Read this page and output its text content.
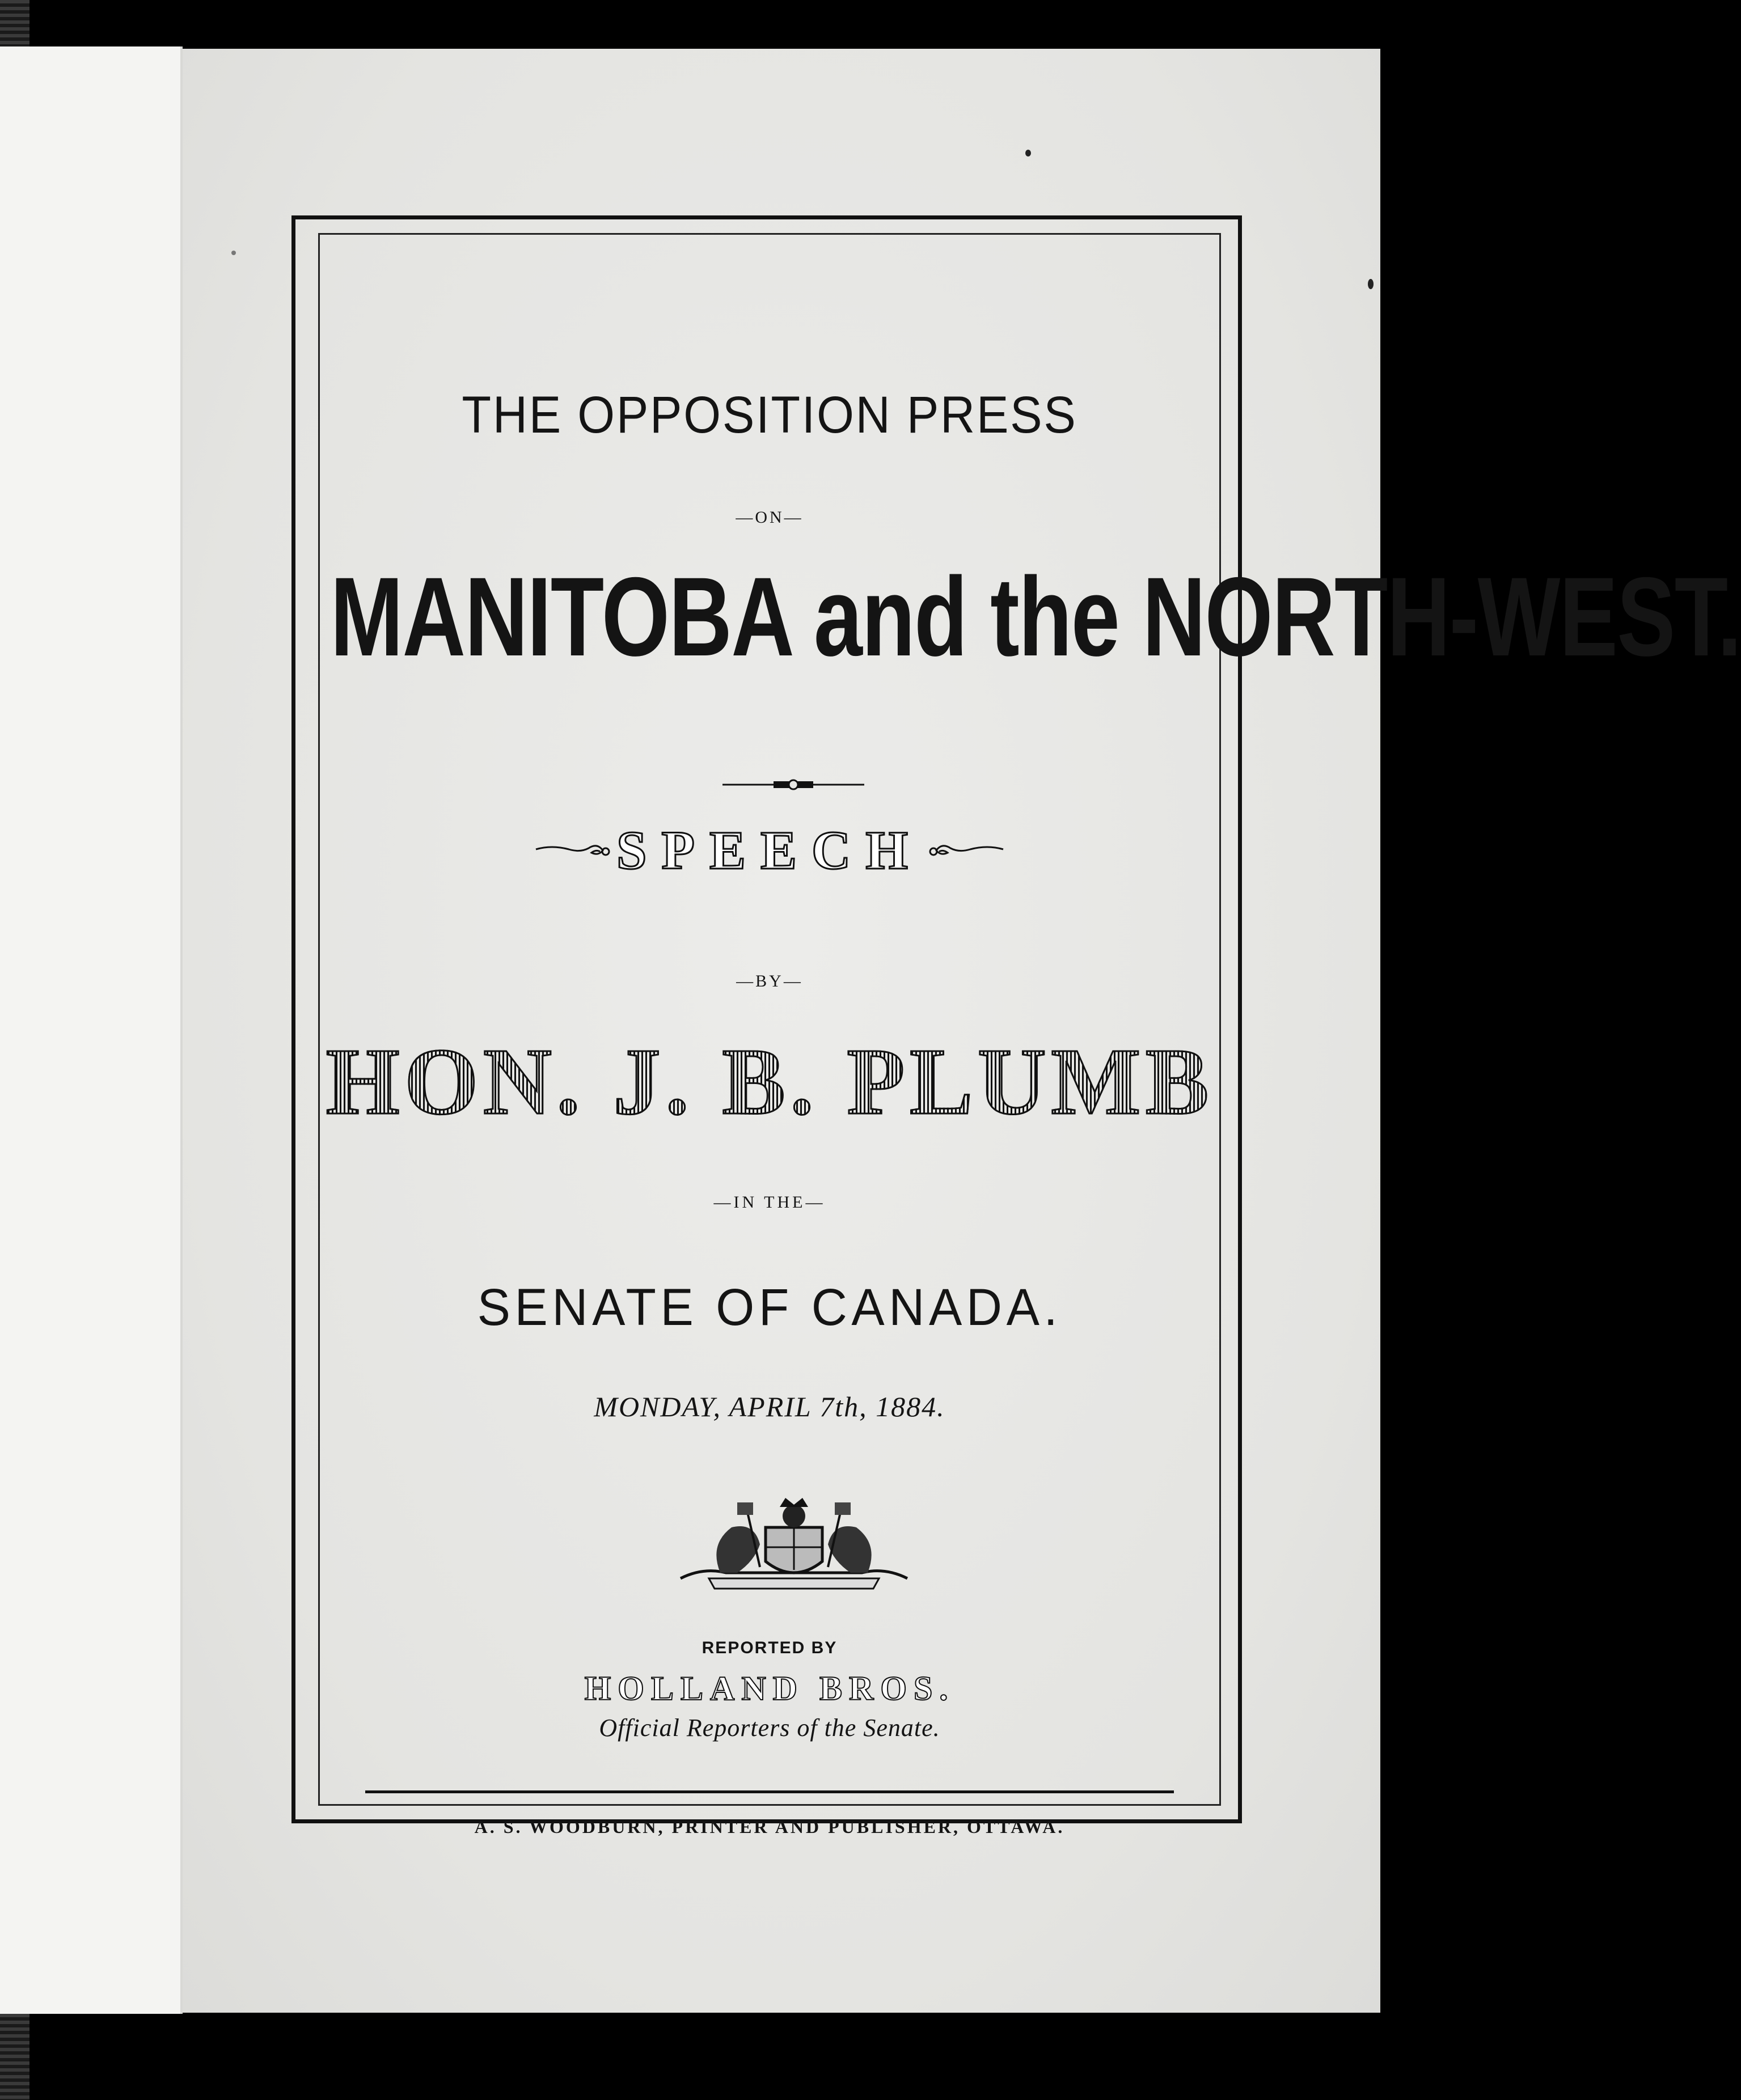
THE OPPOSITION PRESS
—ON—
MANITOBA and the NORTH-WEST.
SPEECH
—BY—
HON. J. B. PLUMB
—IN THE—
SENATE OF CANADA.
MONDAY, APRIL 7th, 1884.
REPORTED BY
HOLLAND BROS.
Official Reporters of the Senate.
A. S. WOODBURN, PRINTER AND PUBLISHER, OTTAWA.
